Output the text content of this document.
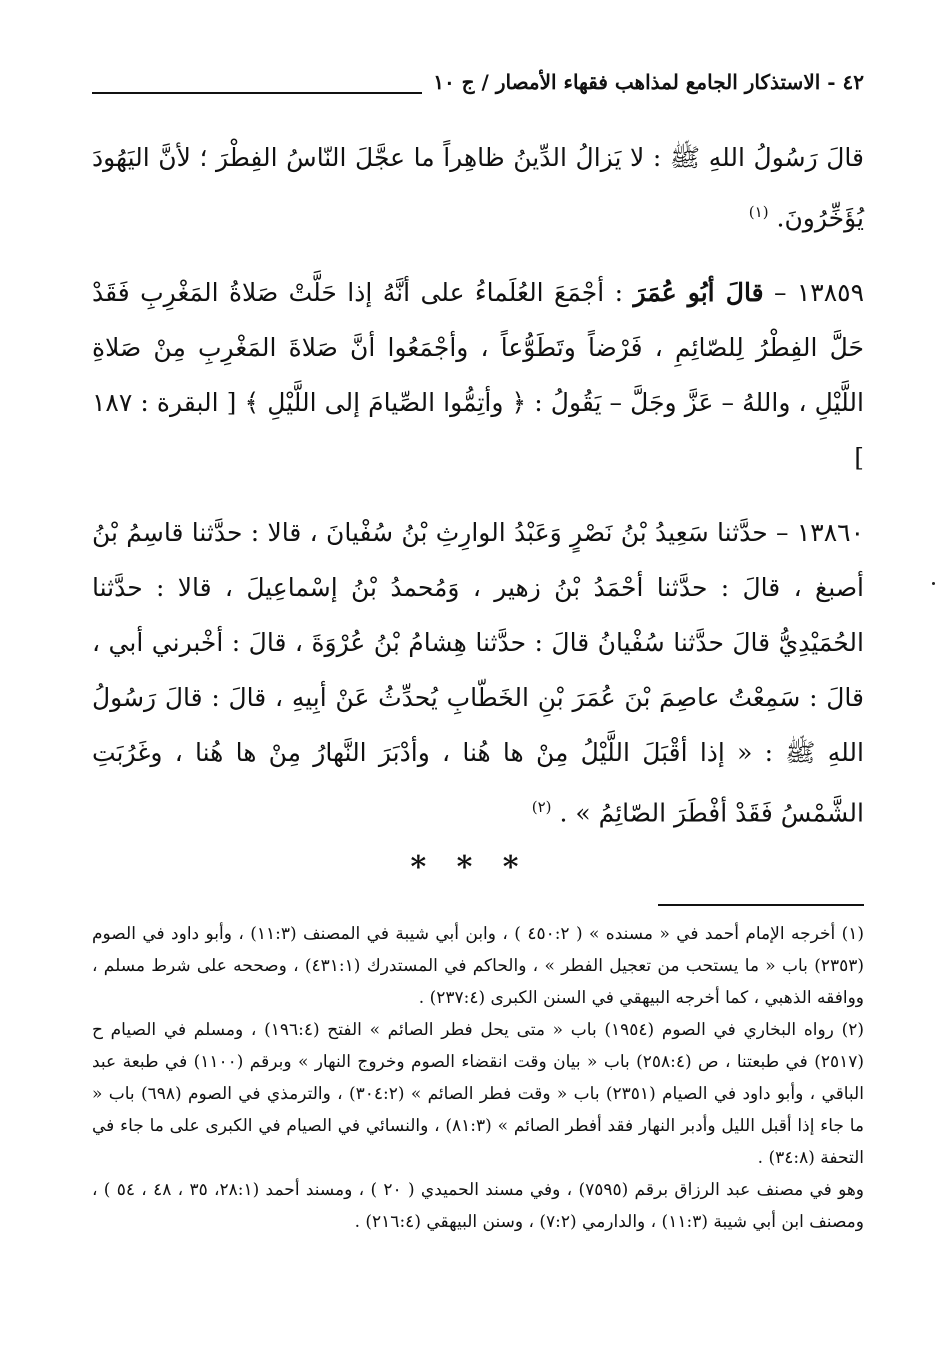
٤٢ - الاستذكار الجامع لمذاهب فقهاء الأمصار / ج ١٠

قالَ رَسُولُ اللهِ ﷺ : لا يَزالُ الدِّينُ ظاهِراً ما عجَّلَ النّاسُ الفِطْرَ ؛ لأنَّ اليَهُودَ يُؤَخِّرُونَ. $^{(١)}$

١٣٨٥٩ – قالَ أبُو عُمَرَ : أجْمَعَ العُلَماءُ على أنَّهُ إذا حَلَّتْ صَلاةُ المَغْرِبِ فَقَدْ حَلَّ الفِطْرُ لِلصّائِمِ ، فَرْضاً وتَطَوُّعاً ، وأجْمَعُوا أنَّ صَلاةَ المَغْرِبِ مِنْ صَلاةِ اللَّيْلِ ، واللهُ – عَزَّ وجَلَّ – يَقُولُ : ﴿ وأتِمُّوا الصِّيامَ إلى اللَّيْلِ ﴾ [ البقرة : ١٨٧ ]

١٣٨٦٠ – حدَّثنا سَعِيدُ بْنُ نَصْرٍ وَعَبْدُ الوارِثِ بْنُ سُفْيانَ ، قالا : حدَّثنا قاسِمُ بْنُ أصبغ ، قالَ : حدَّثنا أحْمَدُ بْنُ زهير ، وَمُحمدُ بْنُ إسْماعِيلَ ، قالا : حدَّثنا الحُمَيْدِيُّ قالَ حدَّثنا سُفْيانُ قالَ : حدَّثنا هِشامُ بْنُ عُرْوَةَ ، قالَ : أخْبرني أبي ، قالَ : سَمِعْتُ عاصِمَ بْنَ عُمَرَ بْنِ الخَطّابِ يُحدِّثُ عَنْ أبِيهِ ، قالَ : قالَ رَسُولُ اللهِ ﷺ : « إذا أقْبَلَ اللَّيْلُ مِنْ ها هُنا ، وأدْبَرَ النَّهارُ مِنْ ها هُنا ، وغَرُبَتِ الشَّمْسُ فَقَدْ أفْطَرَ الصّائِمُ » . $^{(٢)}$

* * *

(١) أخرجه الإمام أحمد في « مسنده » ( ٤٥٠:٢ ) ، وابن أبي شيبة في المصنف (١١:٣) ، وأبو داود في الصوم (٢٣٥٣) باب « ما يستحب من تعجيل الفطر » ، والحاكم في المستدرك (٤٣١:١) ، وصححه على شرط مسلم ، ووافقه الذهبي ، كما أخرجه البيهقي في السنن الكبرى (٢٣٧:٤) .

(٢) رواه البخاري في الصوم (١٩٥٤) باب « متى يحل فطر الصائم » الفتح (١٩٦:٤) ، ومسلم في الصيام ح (٢٥١٧) في طبعتنا ، ص (٢٥٨:٤) باب « بيان وقت انقضاء الصوم وخروج النهار » وبرقم (١١٠٠) في طبعة عبد الباقي ، وأبو داود في الصيام (٢٣٥١) باب « وقت فطر الصائم » (٣٠٤:٢) ، والترمذي في الصوم (٦٩٨) باب « ما جاء إذا أقبل الليل وأدبر النهار فقد أفطر الصائم » (٨١:٣) ، والنسائي في الصيام في الكبرى على ما جاء في التحفة (٣٤:٨) .

وهو في مصنف عبد الرزاق برقم (٧٥٩٥) ، وفي مسند الحميدي ( ٢٠ ) ، ومسند أحمد (٢٨:١، ٣٥ ، ٤٨ ، ٥٤ ) ، ومصنف ابن أبي شيبة (١١:٣) ، والدارمي (٧:٢) ، وسنن البيهقي (٢١٦:٤) .
